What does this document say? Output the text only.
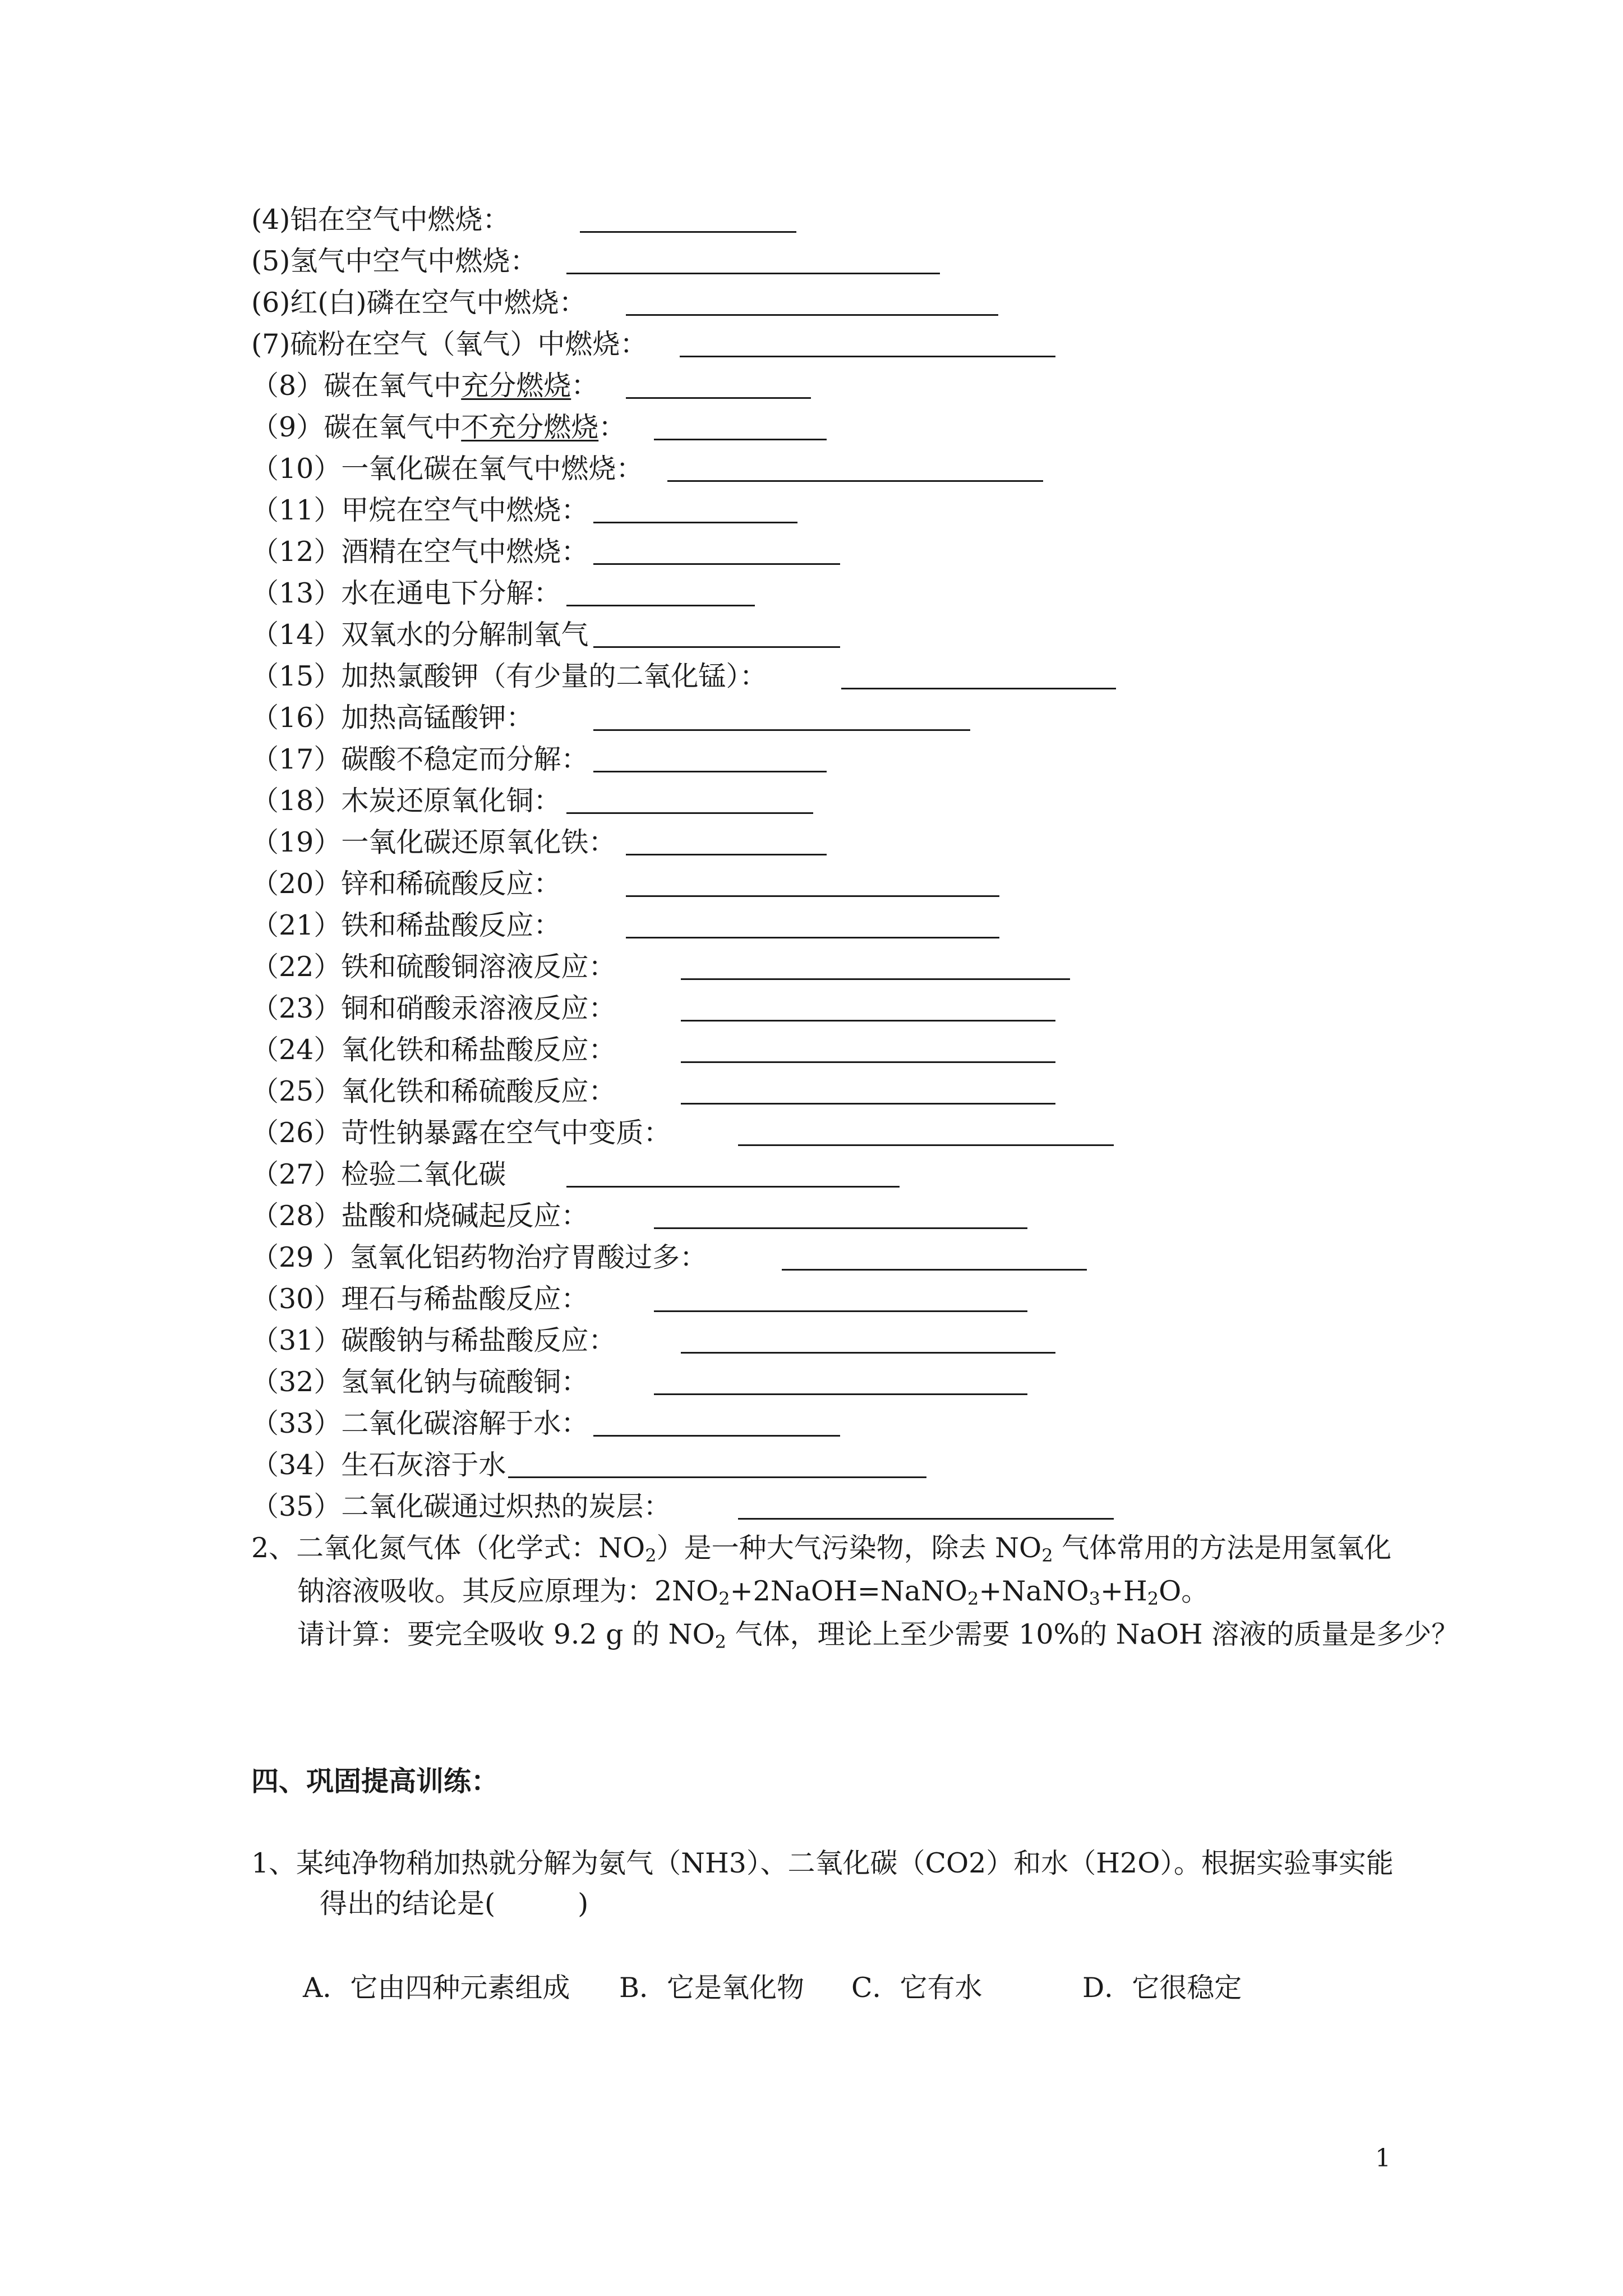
(4)铝在空气中燃烧：
(5)氢气中空气中燃烧：
(6)红(白)磷在空气中燃烧：
(7)硫粉在空气（氧气）中燃烧：
（8）碳在氧气中充分燃烧：
（9）碳在氧气中不充分燃烧：
（10）一氧化碳在氧气中燃烧：
（11）甲烷在空气中燃烧：
（12）酒精在空气中燃烧：
（13）水在通电下分解：
（14）双氧水的分解制氧气
（15）加热氯酸钾（有少量的二氧化锰）：
（16）加热高锰酸钾：
（17）碳酸不稳定而分解：
（18）木炭还原氧化铜：
（19）一氧化碳还原氧化铁：
（20）锌和稀硫酸反应：
（21）铁和稀盐酸反应：
（22）铁和硫酸铜溶液反应：
（23）铜和硝酸汞溶液反应：
（24）氧化铁和稀盐酸反应：
（25）氧化铁和稀硫酸反应：
（26）苛性钠暴露在空气中变质：
（27）检验二氧化碳
（28）盐酸和烧碱起反应：
（29 ）氢氧化铝药物治疗胃酸过多：
（30）理石与稀盐酸反应：
（31）碳酸钠与稀盐酸反应：
（32）氢氧化钠与硫酸铜：
（33）二氧化碳溶解于水：
（34）生石灰溶于水
（35）二氧化碳通过炽热的炭层：
2、二氧化氮气体（化学式：$NO_2$）是一种大气污染物，除去 $NO_2$ 气体常用的方法是用氢氧化
钠溶液吸收。其反应原理为：$2NO_2+2NaOH=NaNO_2+NaNO_3+H_2O$。
请计算：要完全吸收 9.2 g 的 $NO_2$ 气体，理论上至少需要 10%的 NaOH 溶液的质量是多少？
四、巩固提高训练：
1、某纯净物稍加热就分解为氨气（NH3）、二氧化碳（CO2）和水（H2O）。根据实验事实能
得出的结论是(　　　)
A．它由四种元素组成 B．它是氧化物 C．它有水	D．它很稳定
1
